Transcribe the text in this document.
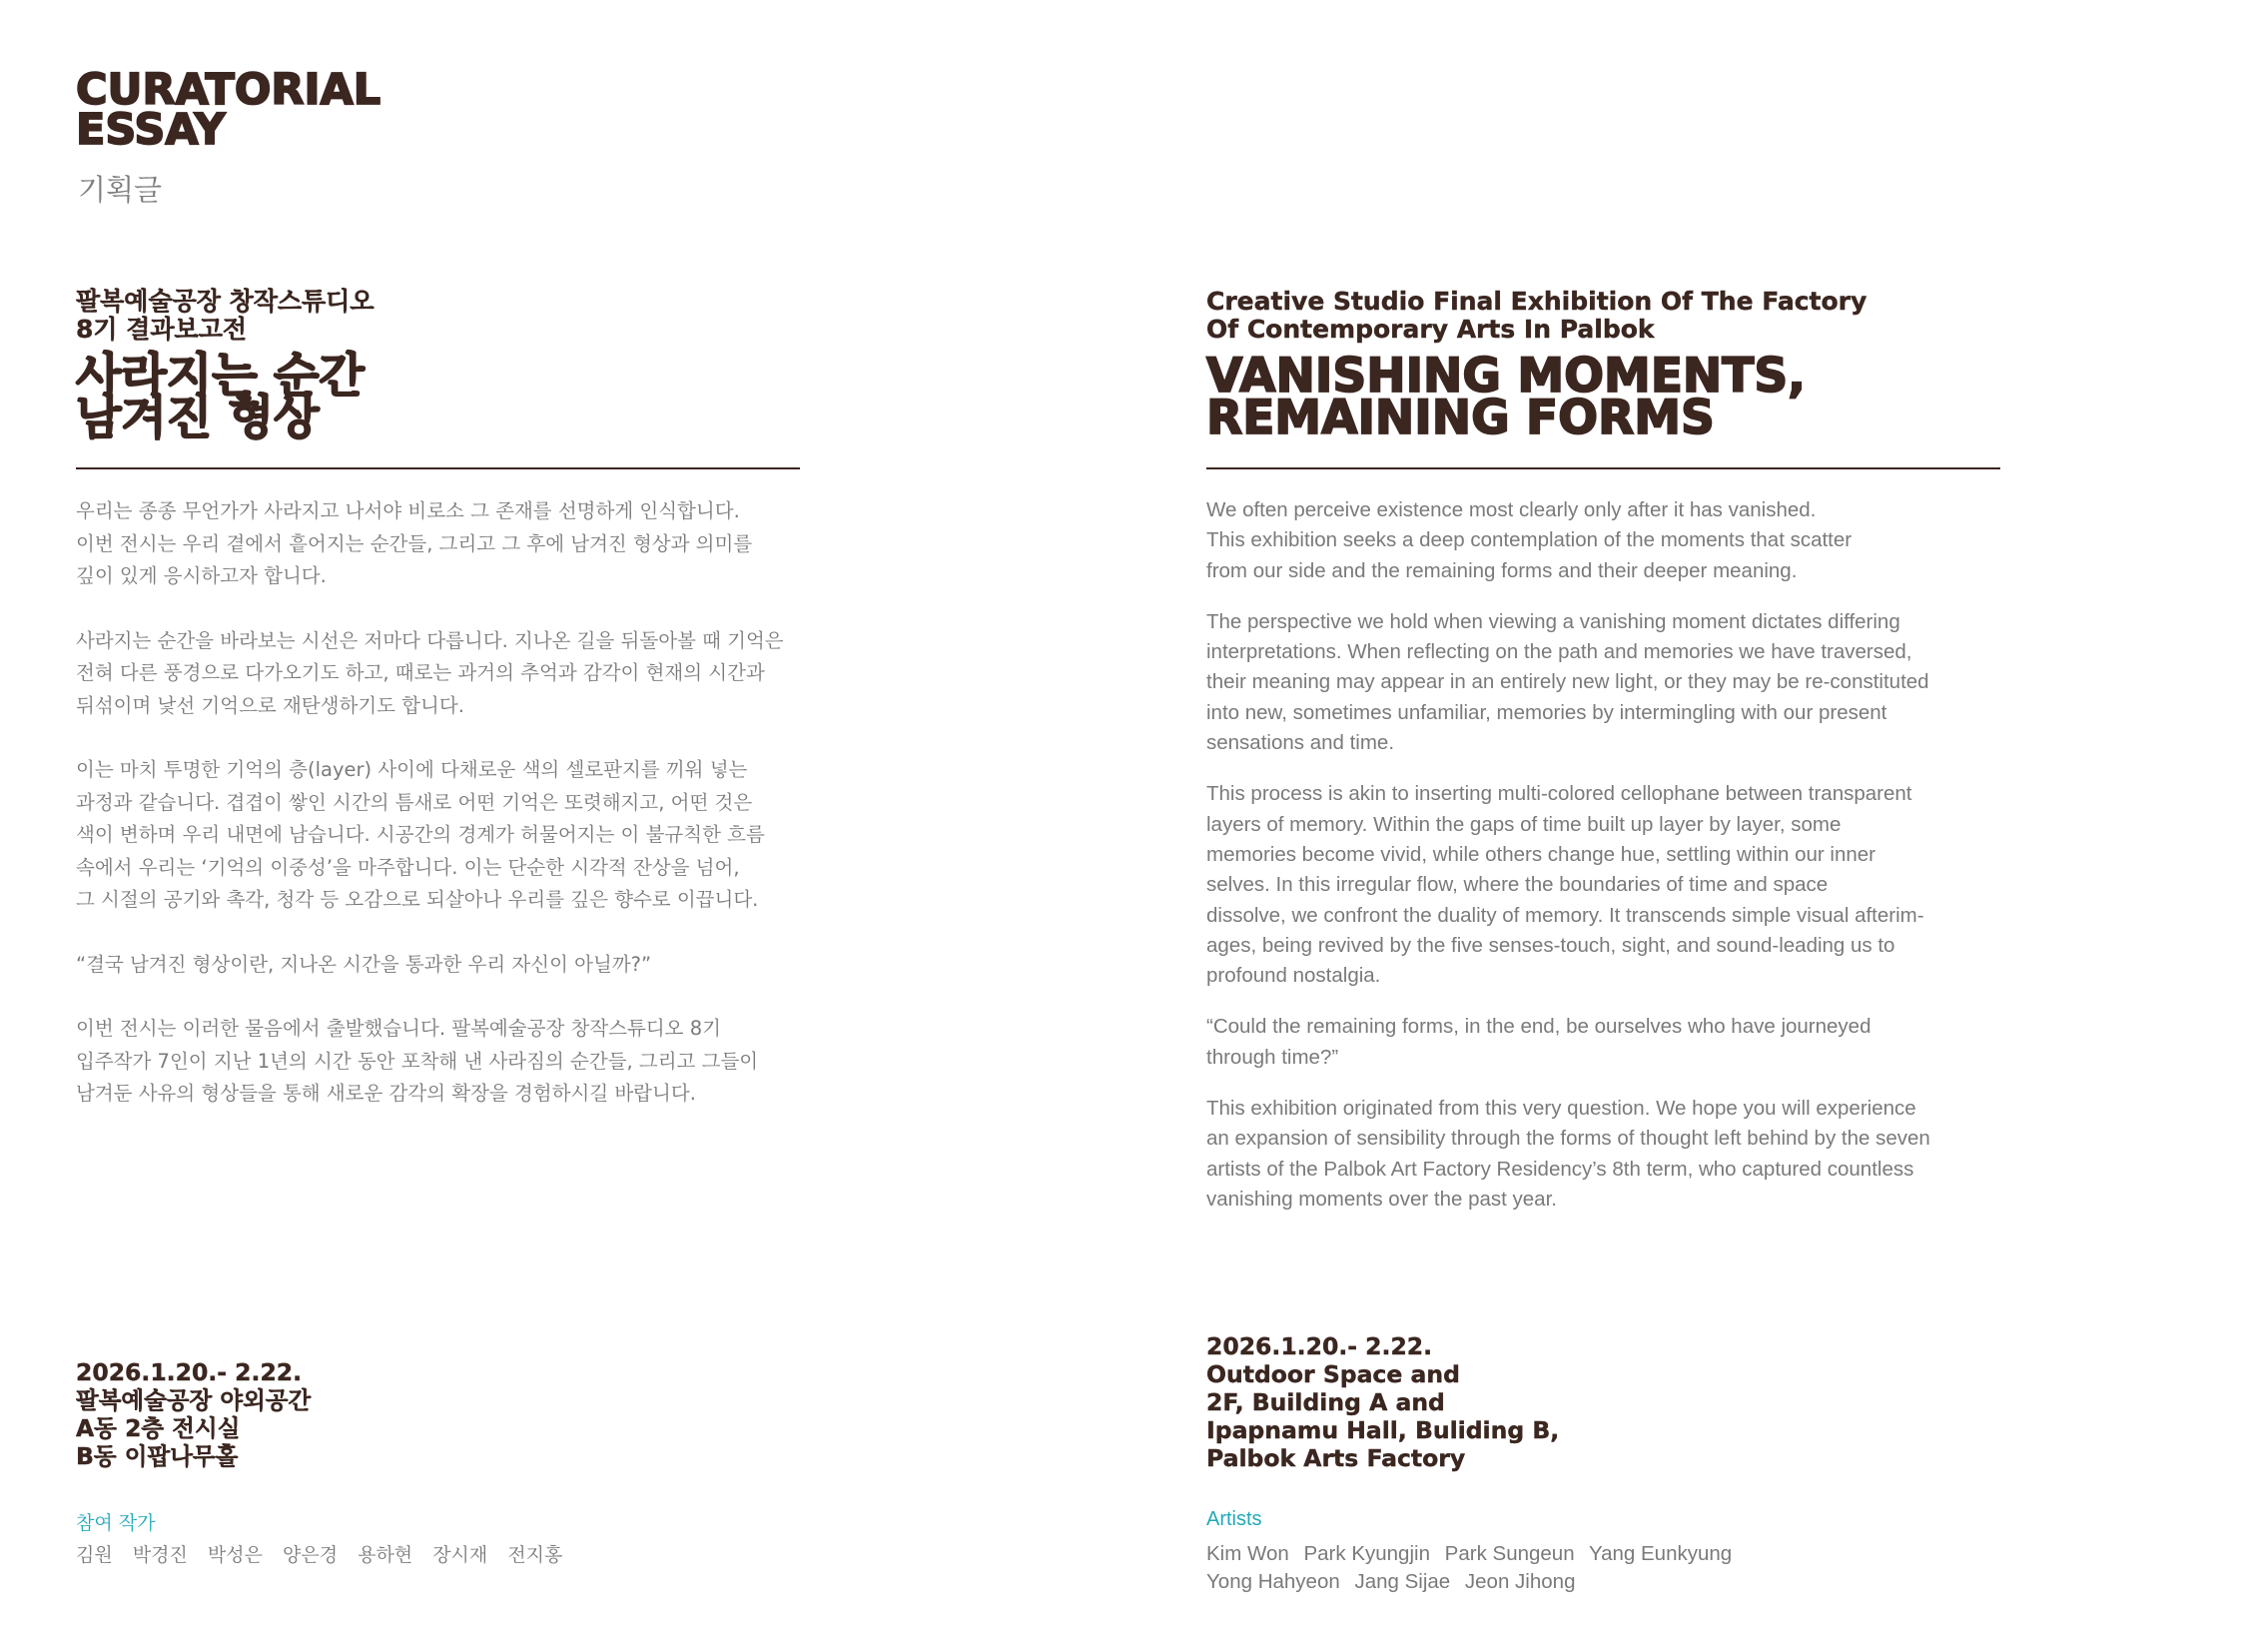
CURATORIAL
ESSAY
기획글
팔복예술공장 창작스튜디오
8기 결과보고전
사라지는 순간
남겨진 형상

우리는 종종 무언가가 사라지고 나서야 비로소 그 존재를 선명하게 인식합니다.
이번 전시는 우리 곁에서 흩어지는 순간들, 그리고 그 후에 남겨진 형상과 의미를
깊이 있게 응시하고자 합니다.

사라지는 순간을 바라보는 시선은 저마다 다릅니다. 지나온 길을 뒤돌아볼 때 기억은
전혀 다른 풍경으로 다가오기도 하고, 때로는 과거의 추억과 감각이 현재의 시간과
뒤섞이며 낯선 기억으로 재탄생하기도 합니다.

이는 마치 투명한 기억의 층(layer) 사이에 다채로운 색의 셀로판지를 끼워 넣는
과정과 같습니다. 겹겹이 쌓인 시간의 틈새로 어떤 기억은 또렷해지고, 어떤 것은
색이 변하며 우리 내면에 남습니다. 시공간의 경계가 허물어지는 이 불규칙한 흐름
속에서 우리는 ‘기억의 이중성’을 마주합니다. 이는 단순한 시각적 잔상을 넘어,
그 시절의 공기와 촉각, 청각 등 오감으로 되살아나 우리를 깊은 향수로 이끕니다.

“결국 남겨진 형상이란, 지나온 시간을 통과한 우리 자신이 아닐까?”

이번 전시는 이러한 물음에서 출발했습니다. 팔복예술공장 창작스튜디오 8기
입주작가 7인이 지난 1년의 시간 동안 포착해 낸 사라짐의 순간들, 그리고 그들이
남겨둔 사유의 형상들을 통해 새로운 감각의 확장을 경험하시길 바랍니다.

Creative Studio Final Exhibition Of The Factory
Of Contemporary Arts In Palbok
VANISHING MOMENTS,
REMAINING FORMS

We often perceive existence most clearly only after it has vanished.
This exhibition seeks a deep contemplation of the moments that scatter
from our side and the remaining forms and their deeper meaning.

The perspective we hold when viewing a vanishing moment dictates differing
interpretations. When reflecting on the path and memories we have traversed,
their meaning may appear in an entirely new light, or they may be re-constituted
into new, sometimes unfamiliar, memories by intermingling with our present
sensations and time.

This process is akin to inserting multi-colored cellophane between transparent
layers of memory. Within the gaps of time built up layer by layer, some
memories become vivid, while others change hue, settling within our inner
selves. In this irregular flow, where the boundaries of time and space
dissolve, we confront the duality of memory. It transcends simple visual afterim-
ages, being revived by the five senses-touch, sight, and sound-leading us to
profound nostalgia.

“Could the remaining forms, in the end, be ourselves who have journeyed
through time?”

This exhibition originated from this very question. We hope you will experience
an expansion of sensibility through the forms of thought left behind by the seven
artists of the Palbok Art Factory Residency’s 8th term, who captured countless
vanishing moments over the past year.

2026.1.20.- 2.22.
팔복예술공장 야외공간
A동 2층 전시실
B동 이팝나무홀
참여 작가
김원 박경진 박성은 양은경 용하현 장시재 전지홍
2026.1.20.- 2.22.
Outdoor Space and
2F, Building A and
Ipapnamu Hall, Buliding B,
Palbok Arts Factory
Artists
Kim Won Park Kyungjin Park Sungeun Yang Eunkyung
Yong Hahyeon Jang Sijae Jeon Jihong
